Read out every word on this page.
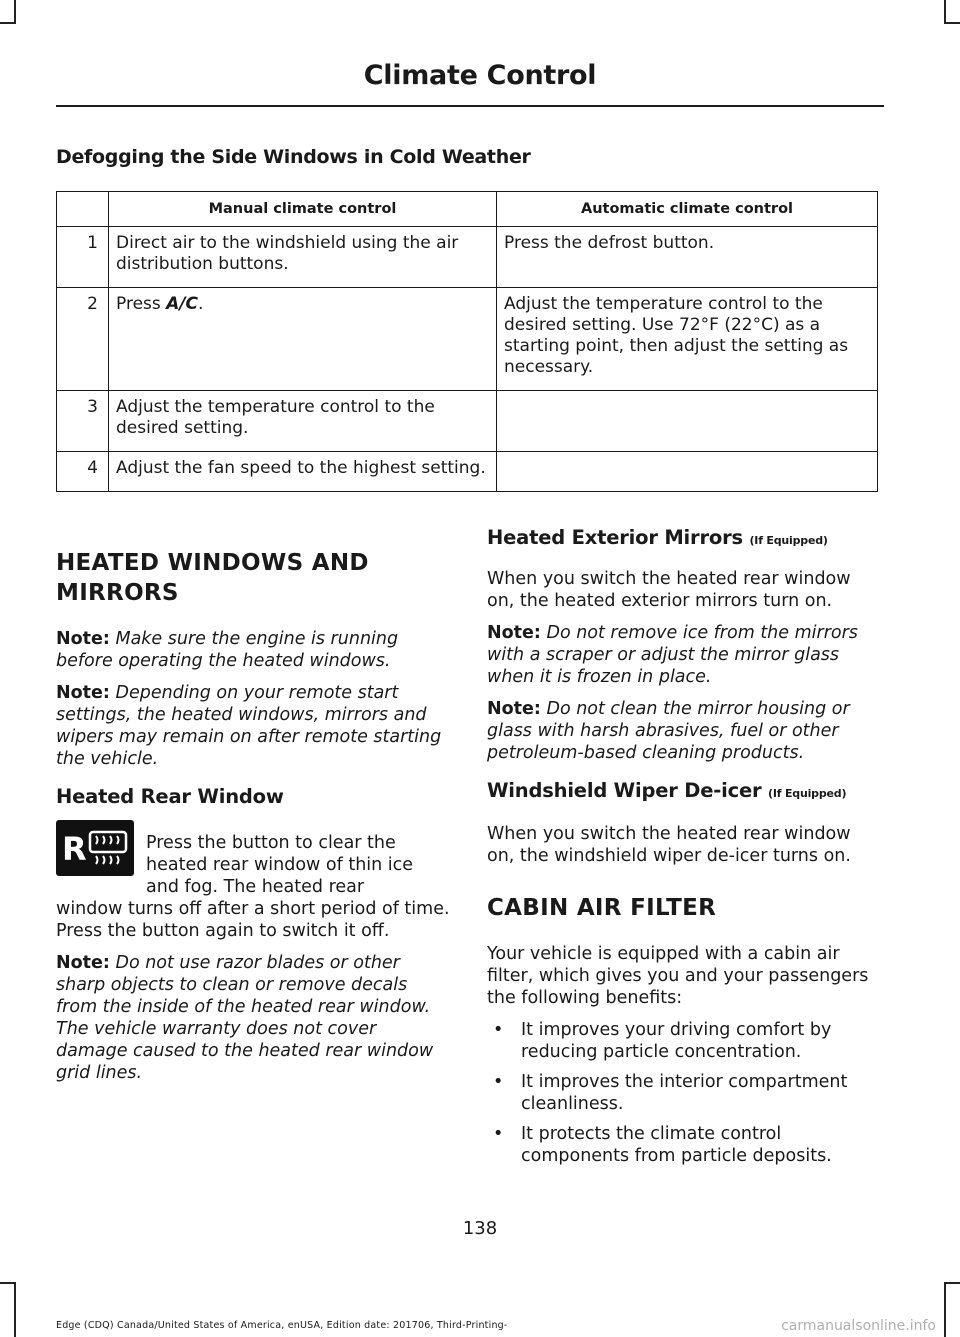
Climate Control
Defogging the Side Windows in Cold Weather
	Manual climate control	Automatic climate control
1	Direct air to the windshield using the air distribution buttons.	Press the defrost button.
2	Press A/C.	Adjust the temperature control to the desired setting. Use 72°F (22°C) as a starting point, then adjust the setting as necessary.
3	Adjust the temperature control to the desired setting.	
4	Adjust the fan speed to the highest setting.	
HEATED WINDOWS AND
MIRRORS

Note: Make sure the engine is running before operating the heated windows.

Note: Depending on your remote start settings, the heated windows, mirrors and wipers may remain on after remote starting the vehicle.

Heated Rear Window

Press the button to clear the heated rear window of thin ice and fog. The heated rear

window turns off after a short period of time. Press the button again to switch it off.

Note: Do not use razor blades or other sharp objects to clean or remove decals from the inside of the heated rear window. The vehicle warranty does not cover damage caused to the heated rear window grid lines.

R
Heated Exterior Mirrors (If Equipped)

When you switch the heated rear window on, the heated exterior mirrors turn on.

Note: Do not remove ice from the mirrors with a scraper or adjust the mirror glass when it is frozen in place.

Note: Do not clean the mirror housing or glass with harsh abrasives, fuel or other petroleum-based cleaning products.

Windshield Wiper De-icer (If Equipped)

When you switch the heated rear window on, the windshield wiper de-icer turns on.

CABIN AIR FILTER

Your vehicle is equipped with a cabin air filter, which gives you and your passengers the following benefits:

• It improves your driving comfort by reducing particle concentration.
• It improves the interior compartment cleanliness.
• It protects the climate control components from particle deposits.
138
Edge (CDQ) Canada/United States of America, enUSA, Edition date: 201706, Third-Printing-	carmanualsonline.info
